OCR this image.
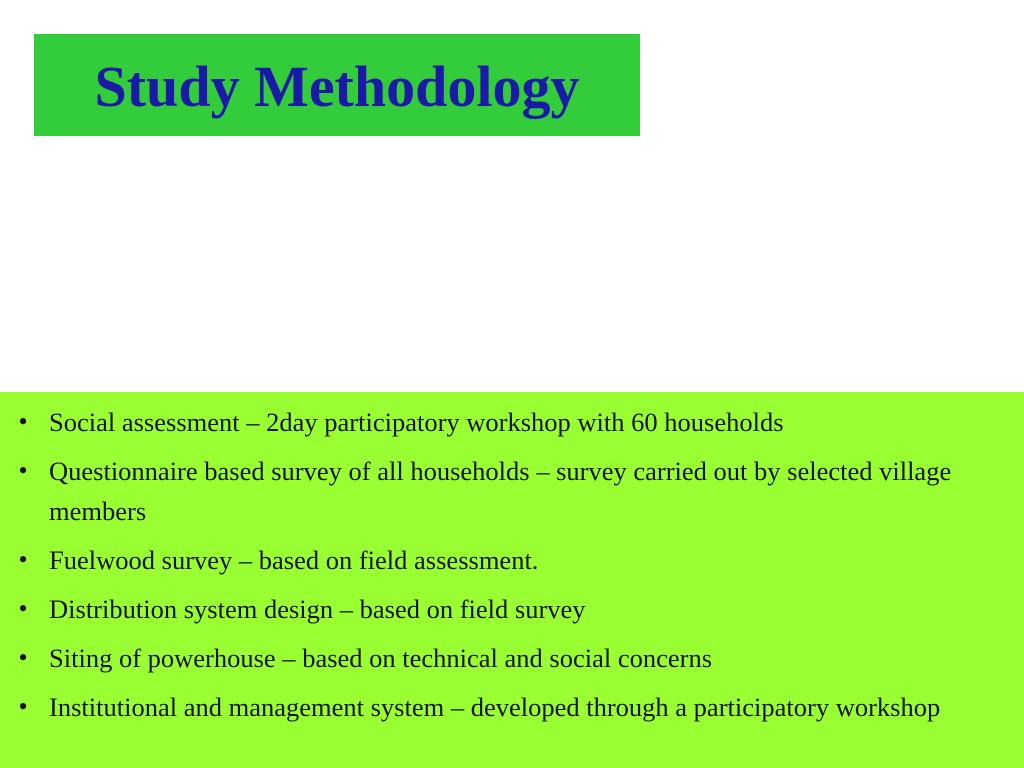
Study Methodology
• Social assessment – 2day participatory workshop with 60 households
• Questionnaire based survey of all households – survey carried out by selected village members
• Fuelwood survey – based on field assessment.
• Distribution system design – based on field survey
• Siting of powerhouse – based on technical and social concerns
• Institutional and management system – developed through a participatory workshop
